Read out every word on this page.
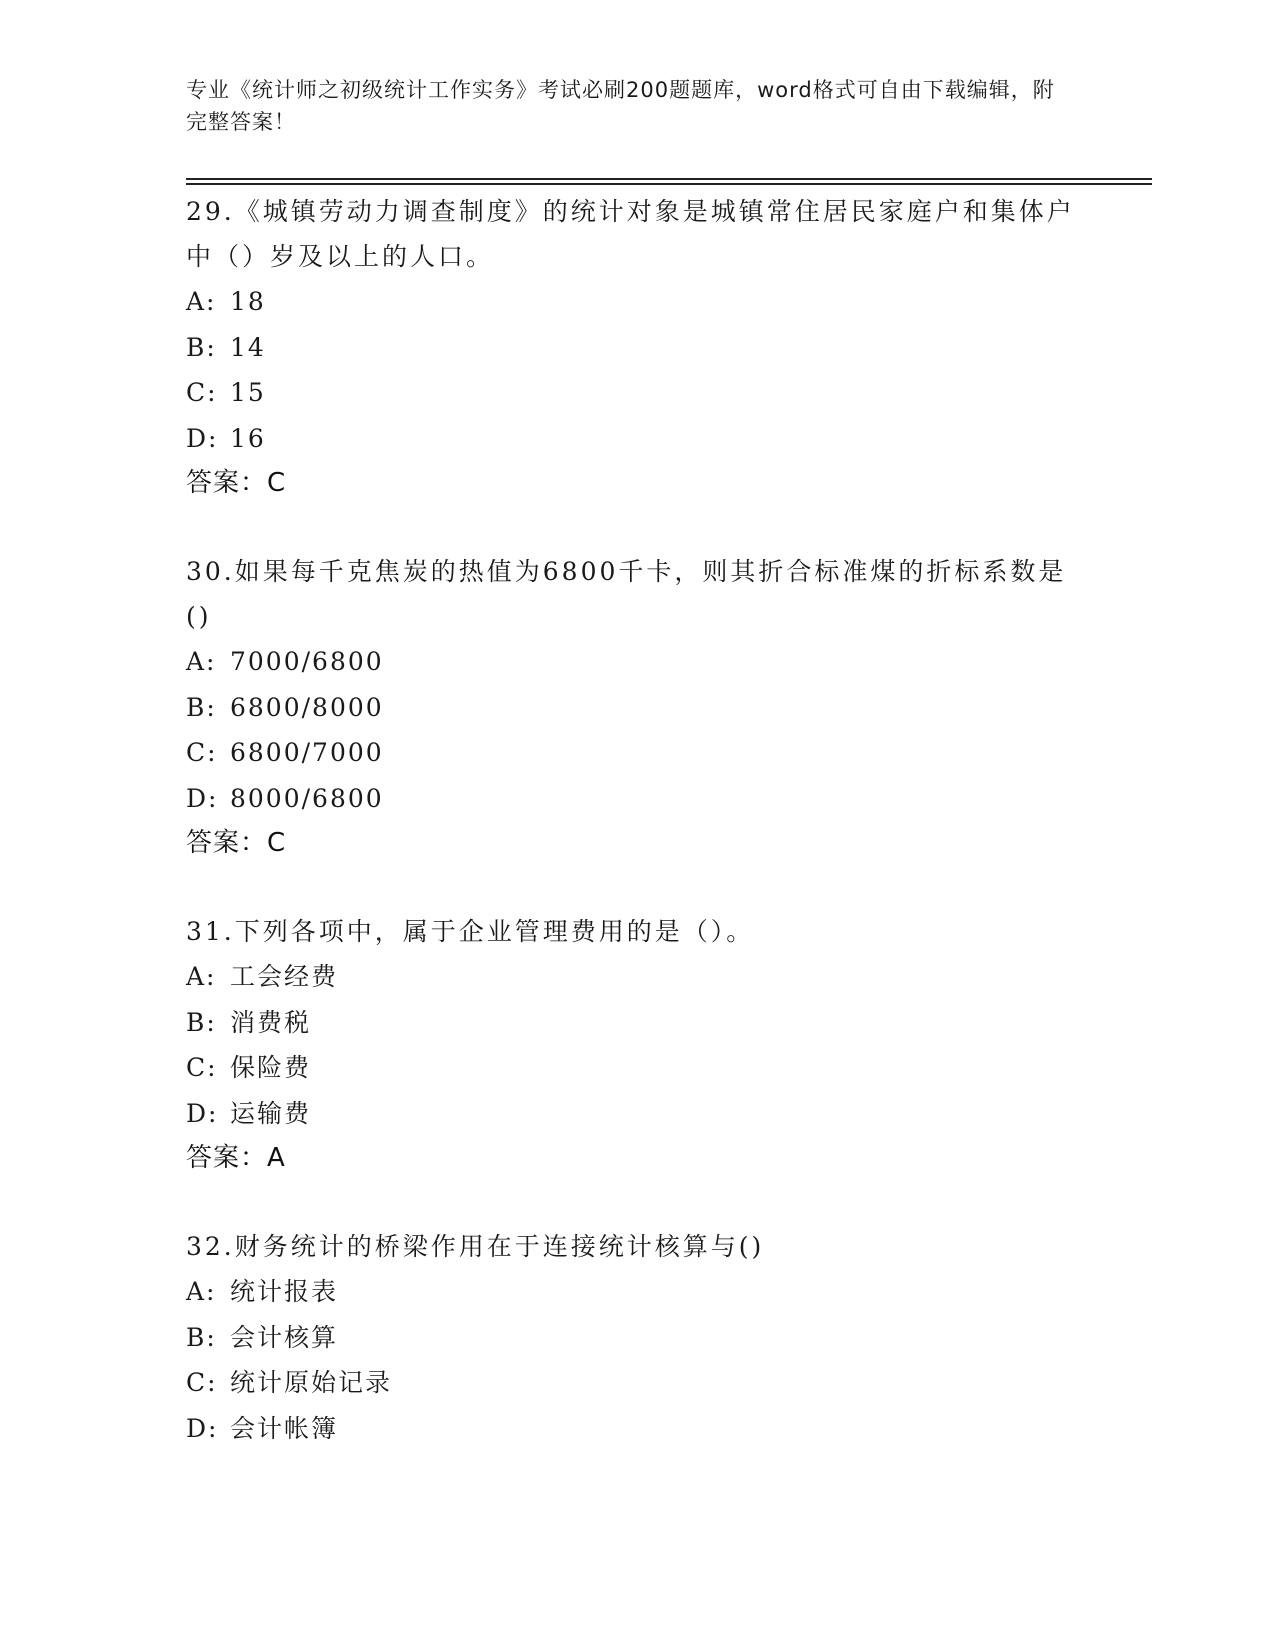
专业《统计师之初级统计工作实务》考试必刷200题题库，word格式可自由下载编辑，附完整答案！
29.《城镇劳动力调查制度》的统计对象是城镇常住居民家庭户和集体户中（）岁及以上的人口。
A: 18
B: 14
C: 15
D: 16
答案：C
30.如果每千克焦炭的热值为6800千卡，则其折合标准煤的折标系数是()
A: 7000/6800
B: 6800/8000
C: 6800/7000
D: 8000/6800
答案：C
31.下列各项中，属于企业管理费用的是（）。
A: 工会经费
B: 消费税
C: 保险费
D: 运输费
答案：A
32.财务统计的桥梁作用在于连接统计核算与()
A: 统计报表
B: 会计核算
C: 统计原始记录
D: 会计帐簿
